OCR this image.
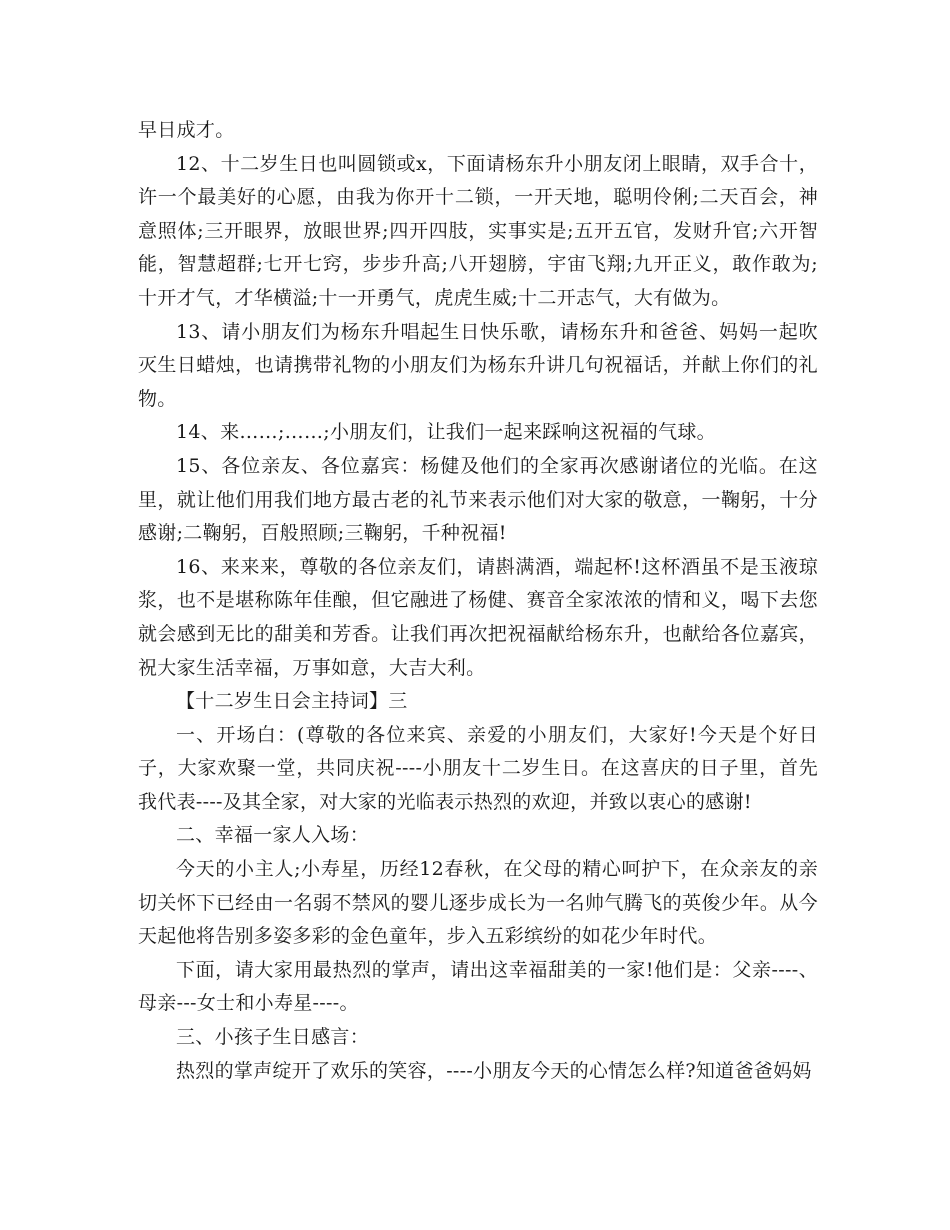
早日成才。

12、十二岁生日也叫圆锁或x，下面请杨东升小朋友闭上眼睛，双手合十，许一个最美好的心愿，由我为你开十二锁，一开天地，聪明伶俐;二天百会，神意照体;三开眼界，放眼世界;四开四肢，实事实是;五开五官，发财升官;六开智能，智慧超群;七开七窍，步步升高;八开翅膀，宇宙飞翔;九开正义，敢作敢为;十开才气，才华横溢;十一开勇气，虎虎生威;十二开志气，大有做为。

13、请小朋友们为杨东升唱起生日快乐歌，请杨东升和爸爸、妈妈一起吹灭生日蜡烛，也请携带礼物的小朋友们为杨东升讲几句祝福话，并献上你们的礼物。

14、来……;……;小朋友们，让我们一起来踩响这祝福的气球。

15、各位亲友、各位嘉宾：杨健及他们的全家再次感谢诸位的光临。在这里，就让他们用我们地方最古老的礼节来表示他们对大家的敬意，一鞠躬，十分感谢;二鞠躬，百般照顾;三鞠躬，千种祝福!

16、来来来，尊敬的各位亲友们，请斟满酒，端起杯!这杯酒虽不是玉液琼浆，也不是堪称陈年佳酿，但它融进了杨健、赛音全家浓浓的情和义，喝下去您就会感到无比的甜美和芳香。让我们再次把祝福献给杨东升，也献给各位嘉宾，祝大家生活幸福，万事如意，大吉大利。

【十二岁生日会主持词】三

一、开场白：(尊敬的各位来宾、亲爱的小朋友们，大家好!今天是个好日子，大家欢聚一堂，共同庆祝----小朋友十二岁生日。在这喜庆的日子里，首先我代表----及其全家，对大家的光临表示热烈的欢迎，并致以衷心的感谢!

二、幸福一家人入场：

今天的小主人;小寿星，历经12春秋，在父母的精心呵护下，在众亲友的亲切关怀下已经由一名弱不禁风的婴儿逐步成长为一名帅气腾飞的英俊少年。从今天起他将告别多姿多彩的金色童年，步入五彩缤纷的如花少年时代。

下面，请大家用最热烈的掌声，请出这幸福甜美的一家!他们是：父亲----、母亲---女士和小寿星----。

三、小孩子生日感言：

热烈的掌声绽开了欢乐的笑容，----小朋友今天的心情怎么样?知道爸爸妈妈
